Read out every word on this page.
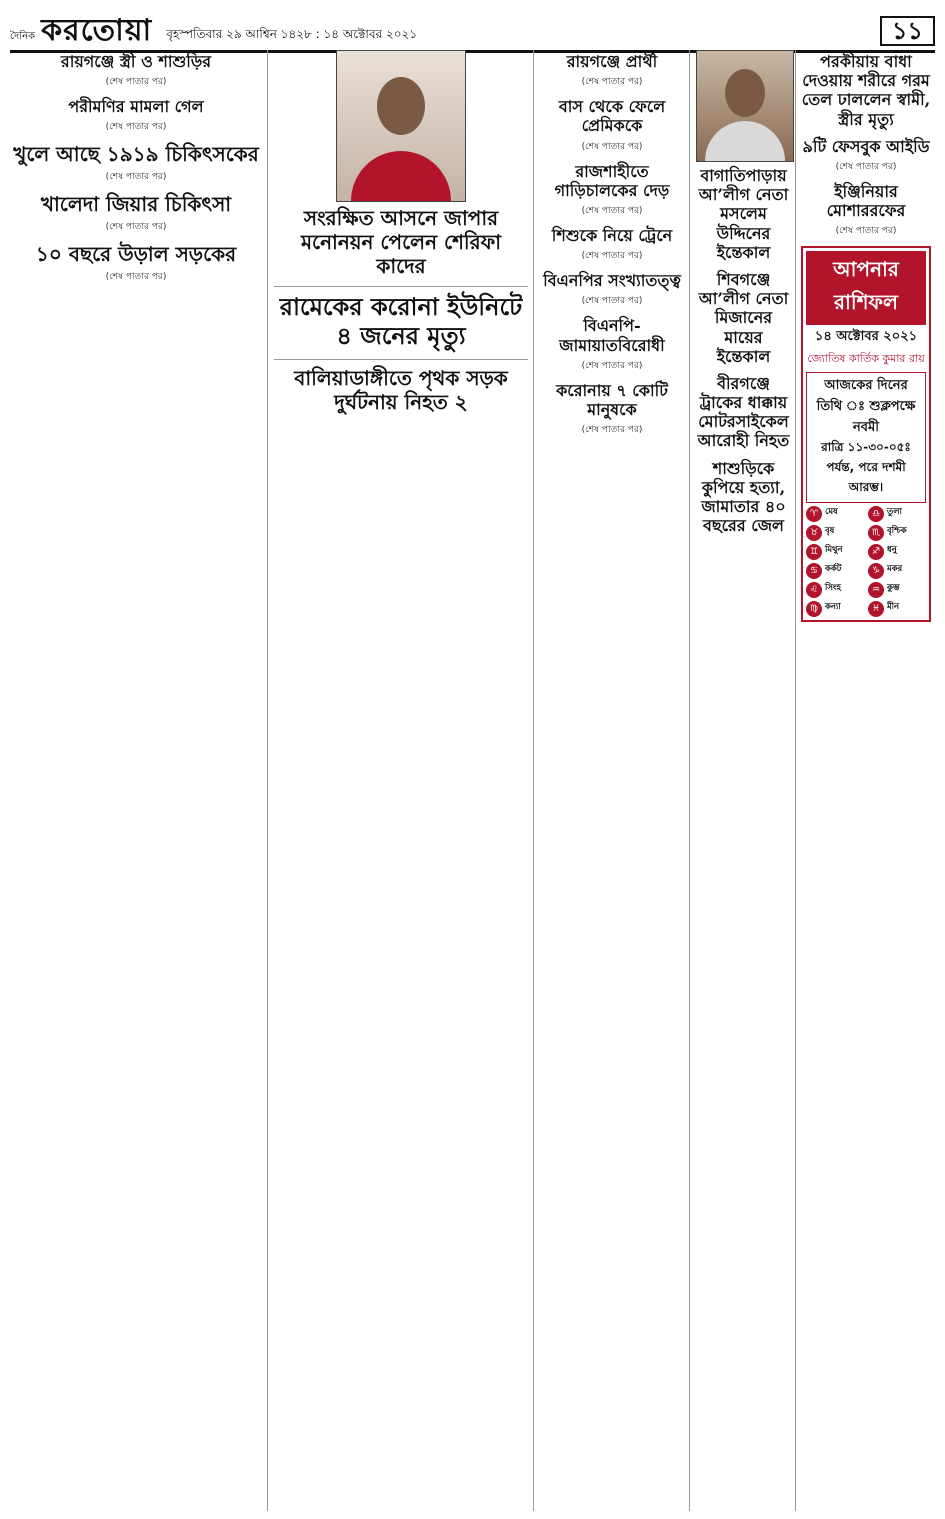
দৈনিক করতোয়া	বৃহস্পতিবার ২৯ আশ্বিন ১৪২৮ : ১৪ অক্টোবর ২০২১	১১
রায়গঞ্জে স্ত্রী ও শাশুড়ির
(শেষ পাতার পর)
পরীমণির মামলা গেল
(শেষ পাতার পর)
খুলে আছে ১৯১৯ চিকিৎসকের
(শেষ পাতার পর)
খালেদা জিয়ার চিকিৎসা
(শেষ পাতার পর)
১০ বছরে উড়াল সড়কের
(শেষ পাতার পর)
সংরক্ষিত আসনে জাপার মনোনয়ন পেলেন শেরিফা কাদের
রামেকের করোনা ইউনিটে ৪ জনের মৃত্যু
বালিয়াডাঙ্গীতে পৃথক সড়ক দুর্ঘটনায় নিহত ২
রায়গঞ্জে প্রার্থী
(শেষ পাতার পর)
বাস থেকে ফেলে প্রেমিককে
(শেষ পাতার পর)
রাজশাহীতে গাড়িচালকের দেড়
(শেষ পাতার পর)
শিশুকে নিয়ে ট্রেনে
(শেষ পাতার পর)
বিএনপির সংখ্যাতত্ত্ব
(শেষ পাতার পর)
বিএনপি-জামায়াতবিরোধী
(শেষ পাতার পর)
করোনায় ৭ কোটি মানুষকে
(শেষ পাতার পর)
বাগাতিপাড়ায় আ’লীগ নেতা মসলেম উদ্দিনের ইন্তেকাল
শিবগঞ্জে আ’লীগ নেতা মিজানের মায়ের ইন্তেকাল
বীরগঞ্জে ট্রাকের ধাক্কায় মোটরসাইকেল আরোহী নিহত
শাশুড়িকে কুপিয়ে হত্যা, জামাতার ৪০ বছরের জেল
পরকীয়ায় বাধা দেওয়ায় শরীরে গরম তেল ঢাললেন স্বামী, স্ত্রীর মৃত্যু
৯টি ফেসবুক আইডি
(শেষ পাতার পর)
ইঞ্জিনিয়ার মোশাররফের
(শেষ পাতার পর)
আপনার রাশিফল
১৪ অক্টোবর ২০২১
জ্যোতিষ কার্তিক কুমার রায়
আজকের দিনের তিথি ঃ শুক্লপক্ষে নবমী
রাত্রি ১১-৩০-০৫ঃ পর্যন্ত, পরে দশমী আরম্ভ।
♈ মেষ	♎ তুলা
♉ বৃষ	♏ বৃশ্চিক
♊ মিথুন	♐ ধনু
♋ কর্কট	♑ মকর
♌ সিংহ	♒ কুম্ভ
♍ কন্যা	♓ মীন
